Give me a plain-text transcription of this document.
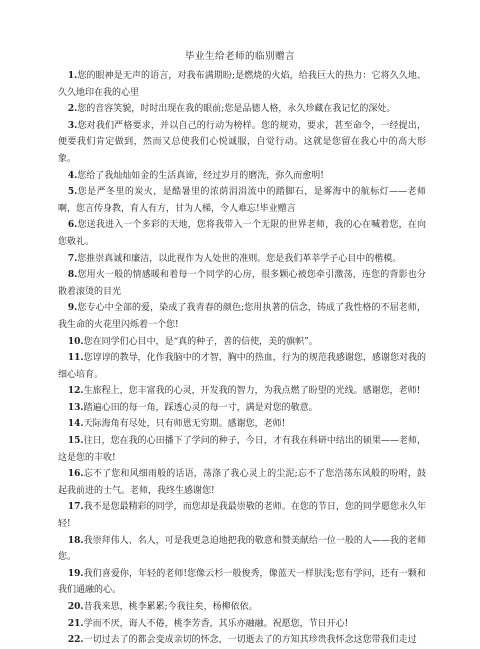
毕业生给老师的临别赠言

1.您的眼神是无声的语言，对我布满期盼;是燃烧的火焰，给我巨大的热力：它将久久地、久久地印在我的心里

2.您的音容笑貌，时时出现在我的眼前;您是品德人格，永久珍藏在我记忆的深处。

3.您对我们严格要求，并以自己的行动为榜样。您的规劝，要求，甚至命令，一经提出，便要我们肯定做到，然而又总使我们心悦诚服，自觉行动。这就是您留在我心中的高大形象。

4.您给了我灿灿如金的生活真谛，经过岁月的磨洗，弥久而愈明!

5.您是严冬里的炭火，是酷暑里的浓荫涓涓流中的踏脚石，是雾海中的航标灯——老师啊，您言传身教，育人有方，甘为人梯，令人难忘!毕业赠言

6.您送我进入一个多彩的天地，您将我带入一个无限的世界老师，我的心在喊着您，在向您敬礼。

7.您推崇真诚和廉洁，以此视作为人处世的准则。您是我们革莘学子心目中的楷模。

8.您用火一般的情感暖和着每一个同学的心房，很多颗心被您牵引激荡，连您的背影也分散着滚烫的目光

9.您专心中全部的爱，染成了我青春的颜色;您用执著的信念，铸成了我性格的不屈老师，我生命的火花里闪烁着一个您!

10.您在同学们心目中，是“真的种子，善的信使，美的旗帜”。

11.您谆谆的教导，化作我脑中的才智，胸中的热血，行为的规范我感谢您，感谢您对我的细心培育。

12.生旅程上，您丰富我的心灵，开发我的智力，为我点燃了盼望的光线。感谢您，老师!

13.踏遍心田的每一角，踩透心灵的每一寸，满是对您的敬意。

14.天际海角有尽处，只有师恩无穷期。感谢您，老师!

15.往日，您在我的心田播下了学问的种子，今日，才有我在科研中结出的硕果——老师，这是您的丰收!

16.忘不了您和风细雨般的话语，荡涤了我心灵上的尘泥;忘不了您浩荡东风般的吩咐，鼓起我前进的士气。老师，我终生感谢您!

17.我不是您最精彩的同学，而您却是我最崇敬的老师。在您的节日，您的同学愿您永久年轻!

18.我崇拜伟人、名人，可是我更急迫地把我的敬意和赞美献给一位一般的人——我的老师您。

19.我们喜爱你，年轻的老师!您像云杉一般俊秀，像蓝天一样肤浅;您有学问，还有一颗和我们通融的心。

20.昔我来思，桃李累累;今我往矣，杨柳依依。

21.学而不厌，诲人不倦，桃李芳香，其乐亦融融。祝愿您，节日开心!

22.一切过去了的都会变成亲切的怀念，一切逝去了的方知其珍贵我怀念这您带我们走过
